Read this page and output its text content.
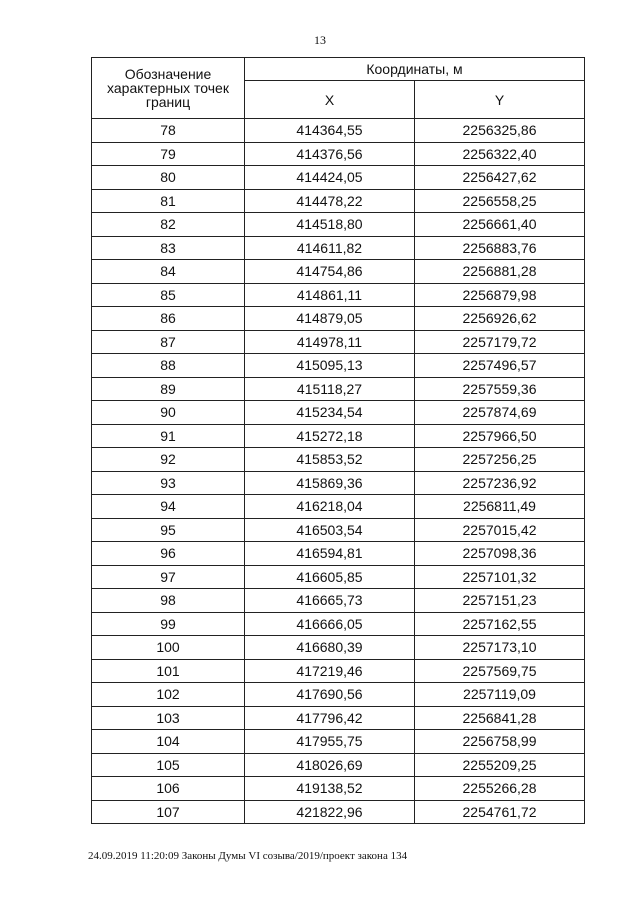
13
Обозначение характерных точек границ	Координаты, м	
	X	Y
78	414364,55	2256325,86
79	414376,56	2256322,40
80	414424,05	2256427,62
81	414478,22	2256558,25
82	414518,80	2256661,40
83	414611,82	2256883,76
84	414754,86	2256881,28
85	414861,11	2256879,98
86	414879,05	2256926,62
87	414978,11	2257179,72
88	415095,13	2257496,57
89	415118,27	2257559,36
90	415234,54	2257874,69
91	415272,18	2257966,50
92	415853,52	2257256,25
93	415869,36	2257236,92
94	416218,04	2256811,49
95	416503,54	2257015,42
96	416594,81	2257098,36
97	416605,85	2257101,32
98	416665,73	2257151,23
99	416666,05	2257162,55
100	416680,39	2257173,10
101	417219,46	2257569,75
102	417690,56	2257119,09
103	417796,42	2256841,28
104	417955,75	2256758,99
105	418026,69	2255209,25
106	419138,52	2255266,28
107	421822,96	2254761,72
24.09.2019 11:20:09 Законы Думы VI созыва/2019/проект закона 134
